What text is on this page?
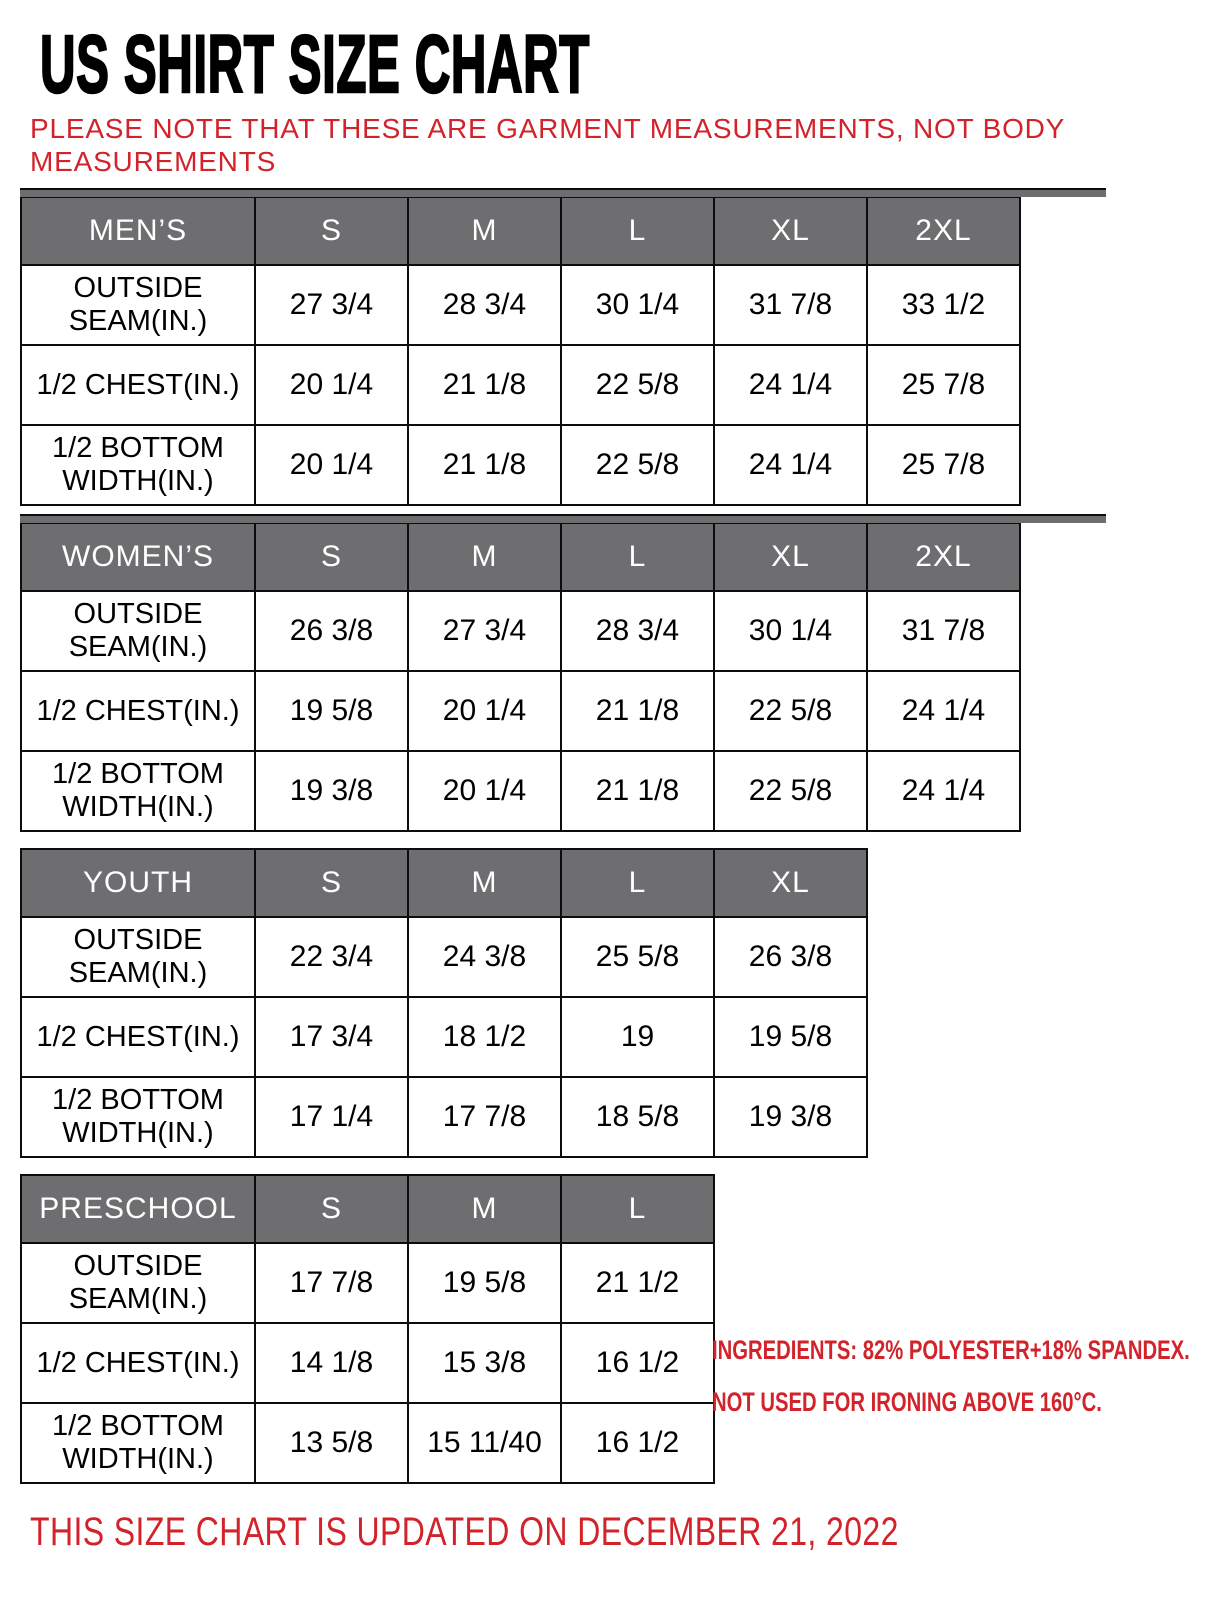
US SHIRT SIZE CHART

PLEASE NOTE THAT THESE ARE GARMENT MEASUREMENTS, NOT BODY MEASUREMENTS

MEN’S	S	M	L	XL	2XL
OUTSIDE SEAM(IN.)	27 3/4	28 3/4	30 1/4	31 7/8	33 1/2
1/2 CHEST(IN.)	20 1/4	21 1/8	22 5/8	24 1/4	25 7/8
1/2 BOTTOM WIDTH(IN.)	20 1/4	21 1/8	22 5/8	24 1/4	25 7/8
WOMEN’S	S	M	L	XL	2XL
OUTSIDE SEAM(IN.)	26 3/8	27 3/4	28 3/4	30 1/4	31 7/8
1/2 CHEST(IN.)	19 5/8	20 1/4	21 1/8	22 5/8	24 1/4
1/2 BOTTOM WIDTH(IN.)	19 3/8	20 1/4	21 1/8	22 5/8	24 1/4
YOUTH	S	M	L	XL
OUTSIDE SEAM(IN.)	22 3/4	24 3/8	25 5/8	26 3/8
1/2 CHEST(IN.)	17 3/4	18 1/2	19	19 5/8
1/2 BOTTOM WIDTH(IN.)	17 1/4	17 7/8	18 5/8	19 3/8
PRESCHOOL	S	M	L
OUTSIDE SEAM(IN.)	17 7/8	19 5/8	21 1/2
1/2 CHEST(IN.)	14 1/8	15 3/8	16 1/2
1/2 BOTTOM WIDTH(IN.)	13 5/8	15 11/40	16 1/2
INGREDIENTS: 82% POLYESTER+18% SPANDEX.
NOT USED FOR IRONING ABOVE 160°C.

THIS SIZE CHART IS UPDATED ON DECEMBER 21, 2022
